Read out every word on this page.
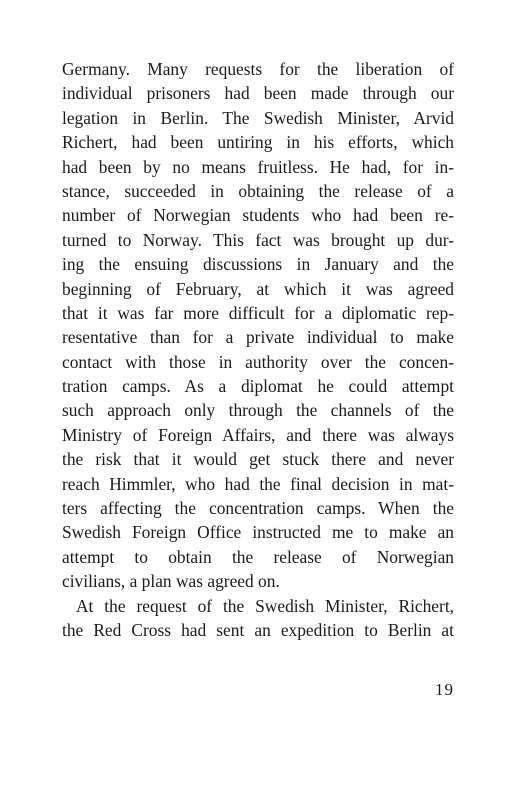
Germany. Many requests for the liberation of
individual prisoners had been made through our
legation in Berlin. The Swedish Minister, Arvid
Richert, had been untiring in his efforts, which
had been by no means fruitless. He had, for in-
stance, succeeded in obtaining the release of a
number of Norwegian students who had been re-
turned to Norway. This fact was brought up dur-
ing the ensuing discussions in January and the
beginning of February, at which it was agreed
that it was far more difficult for a diplomatic rep-
resentative than for a private individual to make
contact with those in authority over the concen-
tration camps. As a diplomat he could attempt
such approach only through the channels of the
Ministry of Foreign Affairs, and there was always
the risk that it would get stuck there and never
reach Himmler, who had the final decision in mat-
ters affecting the concentration camps. When the
Swedish Foreign Office instructed me to make an
attempt to obtain the release of Norwegian
civilians, a plan was agreed on.
At the request of the Swedish Minister, Richert,
the Red Cross had sent an expedition to Berlin at
19
